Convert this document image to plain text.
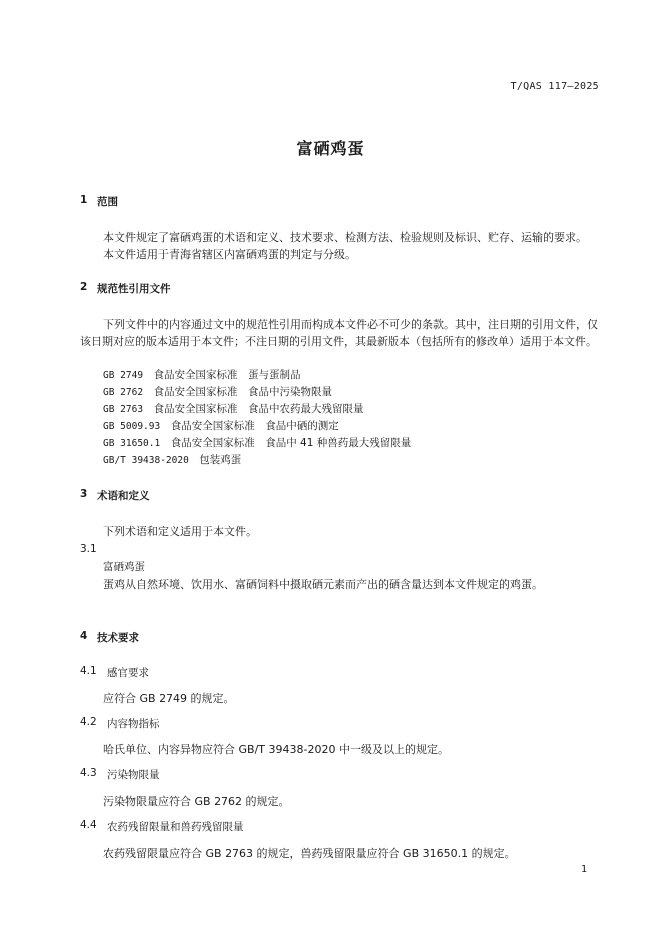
T/QAS 117—2025
富硒鸡蛋
1 范围
本文件规定了富硒鸡蛋的术语和定义、技术要求、检测方法、检验规则及标识、贮存、运输的要求。
本文件适用于青海省辖区内富硒鸡蛋的判定与分级。
2 规范性引用文件
下列文件中的内容通过文中的规范性引用而构成本文件必不可少的条款。其中，注日期的引用文件，仅该日期对应的版本适用于本文件；不注日期的引用文件，其最新版本（包括所有的修改单）适用于本文件。
GB 2749　 食品安全国家标准　蛋与蛋制品
GB 2762　 食品安全国家标准　食品中污染物限量
GB 2763　 食品安全国家标准　食品中农药最大残留限量
GB 5009.93　 食品安全国家标准　食品中硒的测定
GB 31650.1　 食品安全国家标准　食品中 41 种兽药最大残留限量
GB/T 39438-2020　 包装鸡蛋
3 术语和定义
下列术语和定义适用于本文件。
3.1
富硒鸡蛋
蛋鸡从自然环境、饮用水、富硒饲料中摄取硒元素而产出的硒含量达到本文件规定的鸡蛋。
4 技术要求
4.1 感官要求
应符合 GB 2749 的规定。
4.2 内容物指标
哈氏单位、内容异物应符合 GB/T 39438-2020 中一级及以上的规定。
4.3 污染物限量
污染物限量应符合 GB 2762 的规定。
4.4 农药残留限量和兽药残留限量
农药残留限量应符合 GB 2763 的规定，兽药残留限量应符合 GB 31650.1 的规定。
1
